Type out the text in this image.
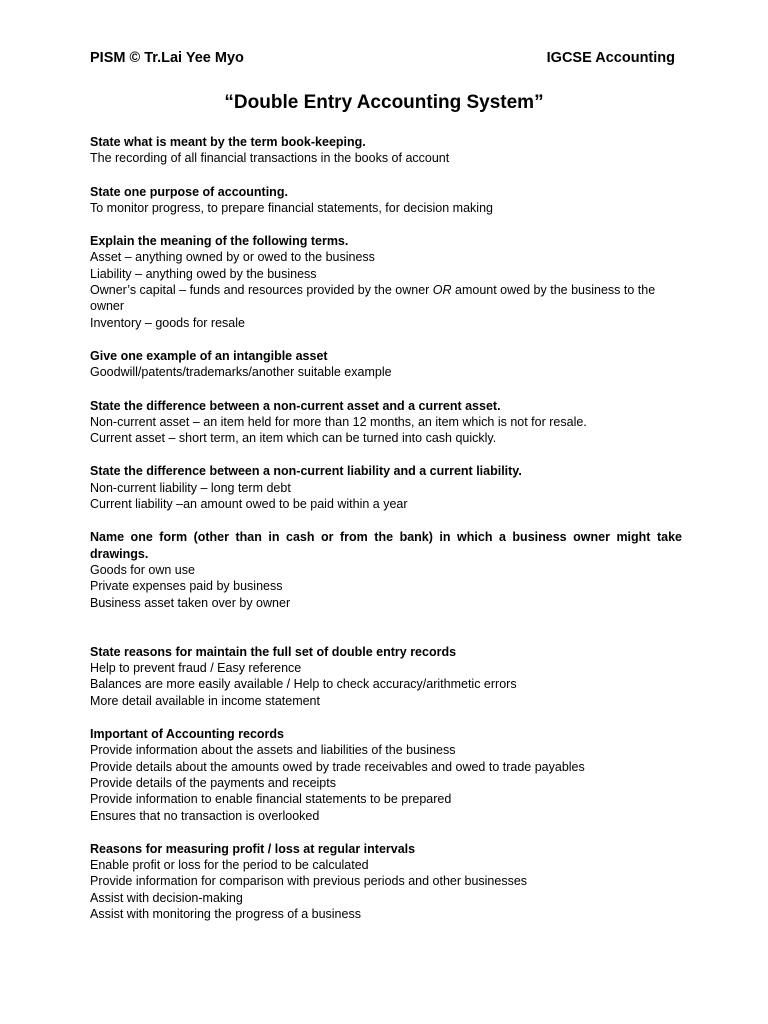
PISM © Tr.Lai Yee Myo	IGCSE Accounting
“Double Entry Accounting System”
State what is meant by the term book-keeping.
The recording of all financial transactions in the books of account
State one purpose of accounting.
To monitor progress, to prepare financial statements, for decision making
Explain the meaning of the following terms.
Asset – anything owned by or owed to the business
Liability – anything owed by the business
Owner’s capital – funds and resources provided by the owner OR amount owed by the business to the owner
Inventory – goods for resale
Give one example of an intangible asset
Goodwill/patents/trademarks/another suitable example
State the difference between a non-current asset and a current asset.
Non-current asset – an item held for more than 12 months, an item which is not for resale.
Current asset – short term, an item which can be turned into cash quickly.
State the difference between a non-current liability and a current liability.
Non-current liability – long term debt
Current liability –an amount owed to be paid within a year
Name one form (other than in cash or from the bank) in which a business owner might take drawings.
Goods for own use
Private expenses paid by business
Business asset taken over by owner
State reasons for maintain the full set of double entry records
Help to prevent fraud / Easy reference
Balances are more easily available / Help to check accuracy/arithmetic errors
More detail available in income statement
Important of Accounting records
Provide information about the assets and liabilities of the business
Provide details about the amounts owed by trade receivables and owed to trade payables
Provide details of the payments and receipts
Provide information to enable financial statements to be prepared
Ensures that no transaction is overlooked
Reasons for measuring profit / loss at regular intervals
Enable profit or loss for the period to be calculated
Provide information for comparison with previous periods and other businesses
Assist with decision-making
Assist with monitoring the progress of a business
